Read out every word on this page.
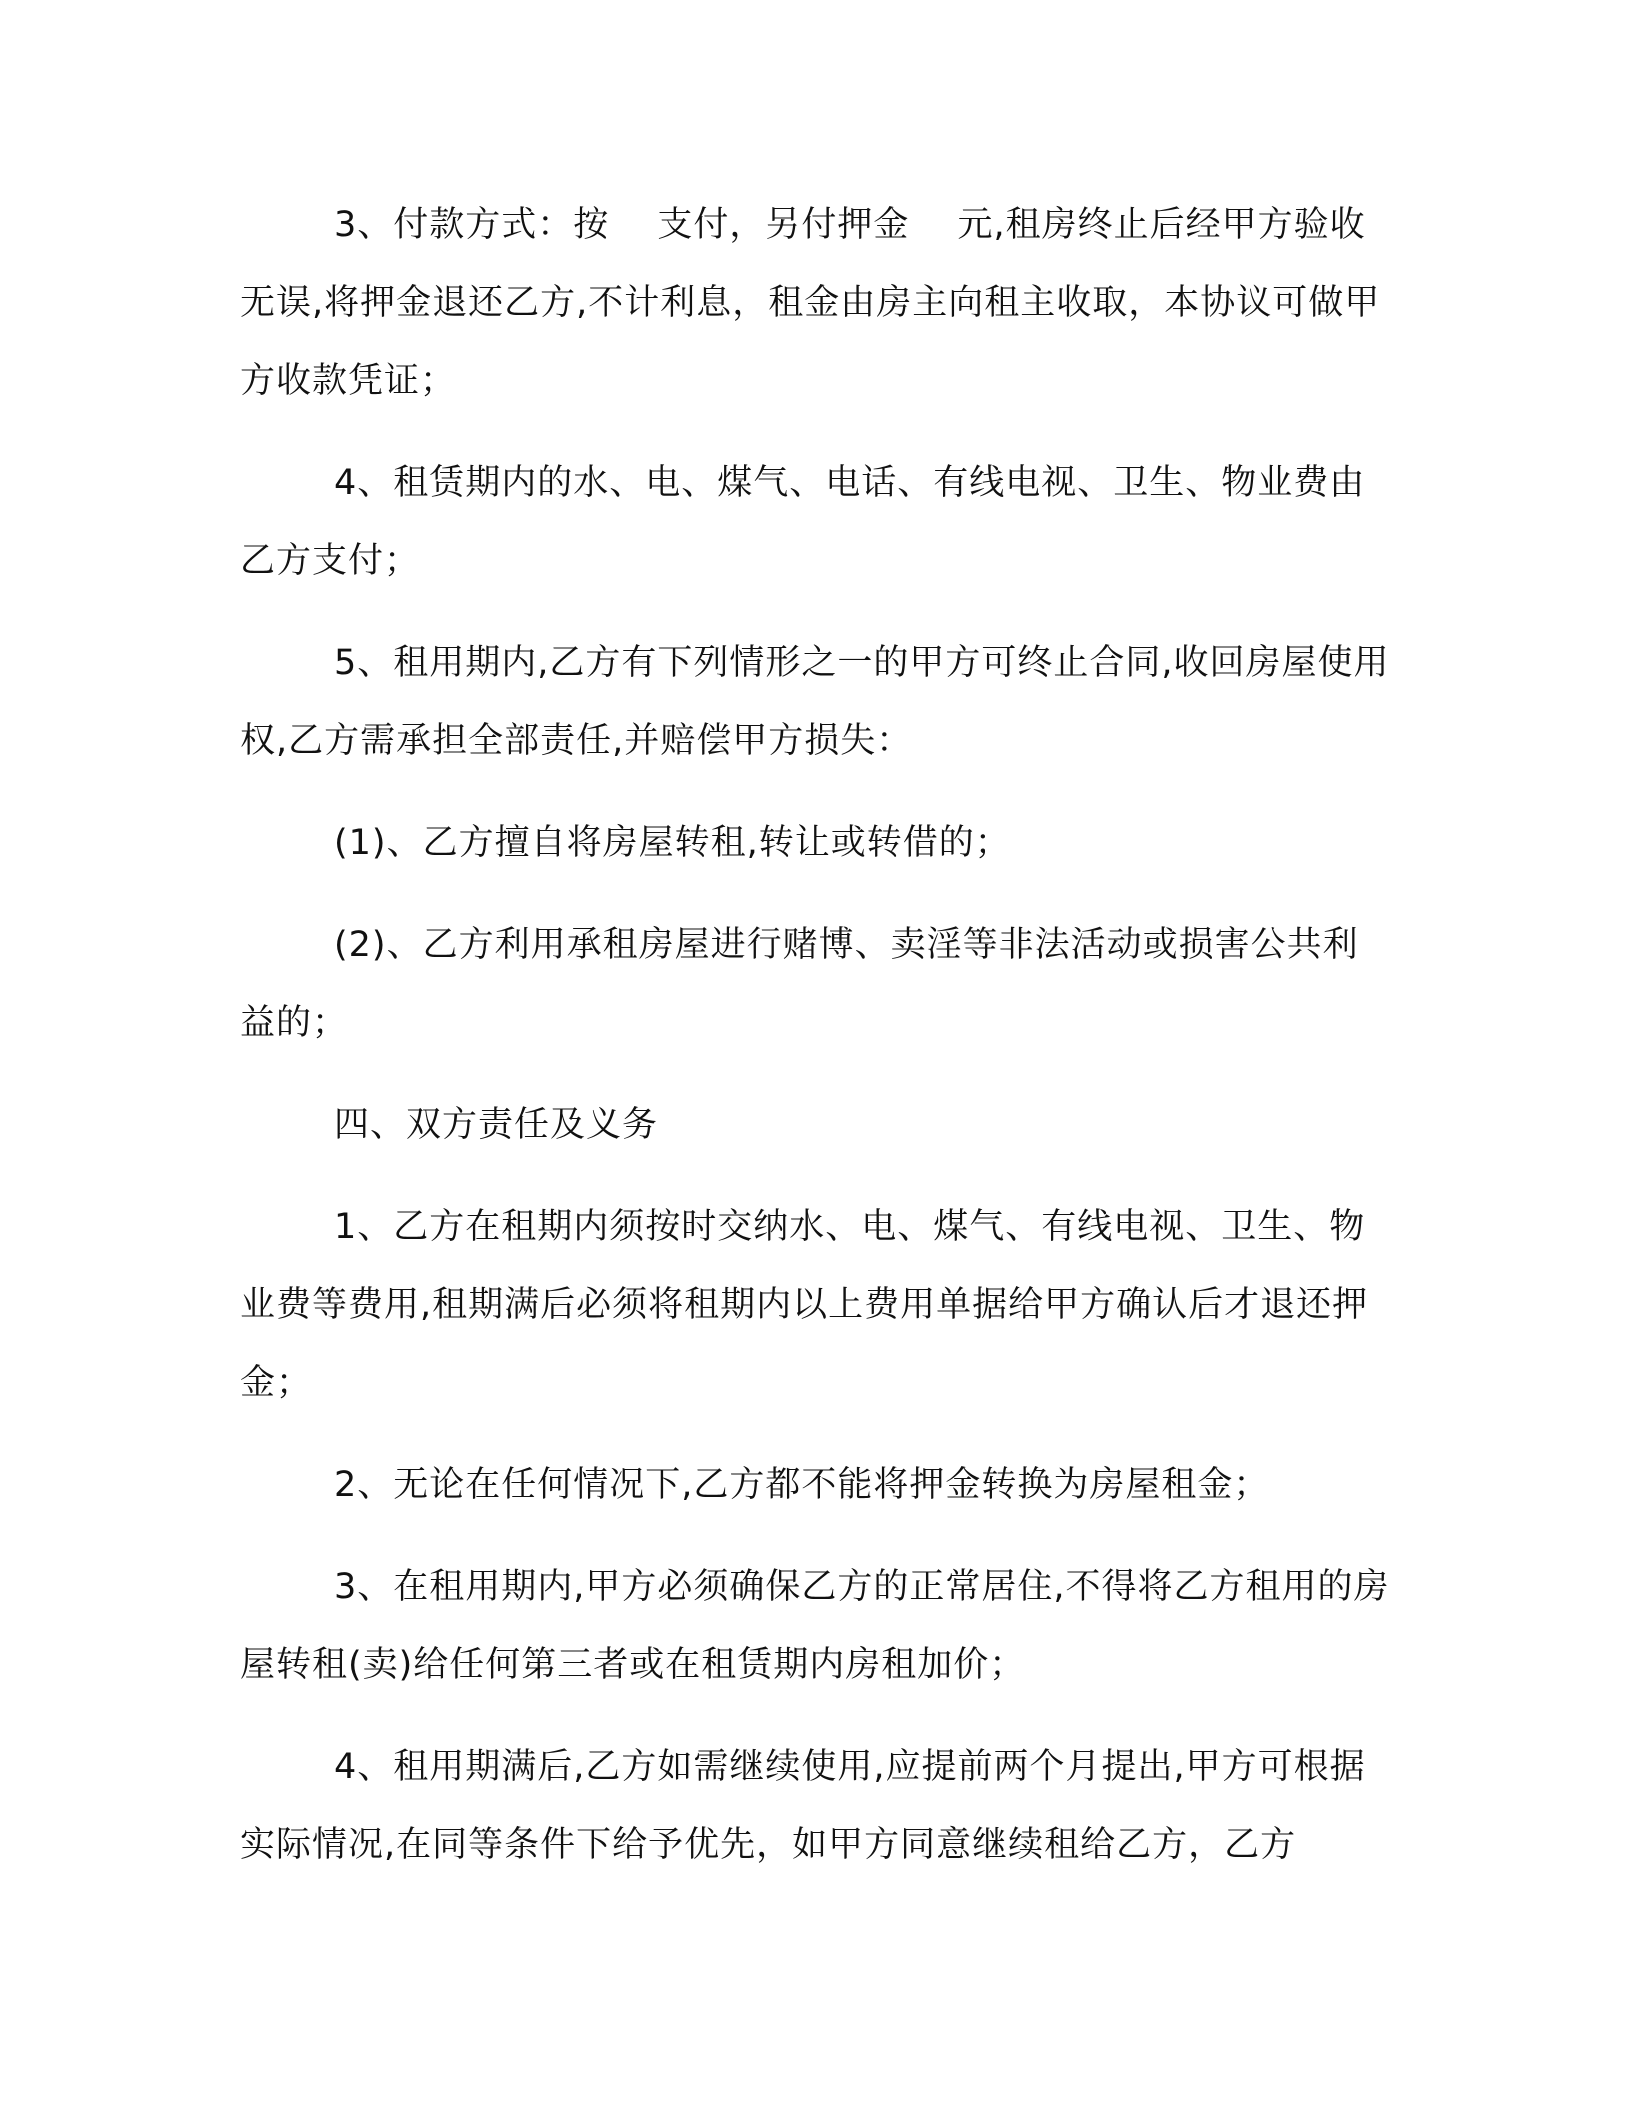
3、付款方式：按　 支付，另付押金　 元,租房终止后经甲方验收无误,将押金退还乙方,不计利息，租金由房主向租主收取，本协议可做甲方收款凭证；

4、租赁期内的水、电、煤气、电话、有线电视、卫生、物业费由乙方支付；

5、租用期内,乙方有下列情形之一的甲方可终止合同,收回房屋使用权,乙方需承担全部责任,并赔偿甲方损失：

(1)、乙方擅自将房屋转租,转让或转借的；

(2)、乙方利用承租房屋进行赌博、卖淫等非法活动或损害公共利益的；

四、双方责任及义务

1、乙方在租期内须按时交纳水、电、煤气、有线电视、卫生、物业费等费用,租期满后必须将租期内以上费用单据给甲方确认后才退还押金；

2、无论在任何情况下,乙方都不能将押金转换为房屋租金；

3、在租用期内,甲方必须确保乙方的正常居住,不得将乙方租用的房屋转租(卖)给任何第三者或在租赁期内房租加价；

4、租用期满后,乙方如需继续使用,应提前两个月提出,甲方可根据实际情况,在同等条件下给予优先，如甲方同意继续租给乙方，乙方
